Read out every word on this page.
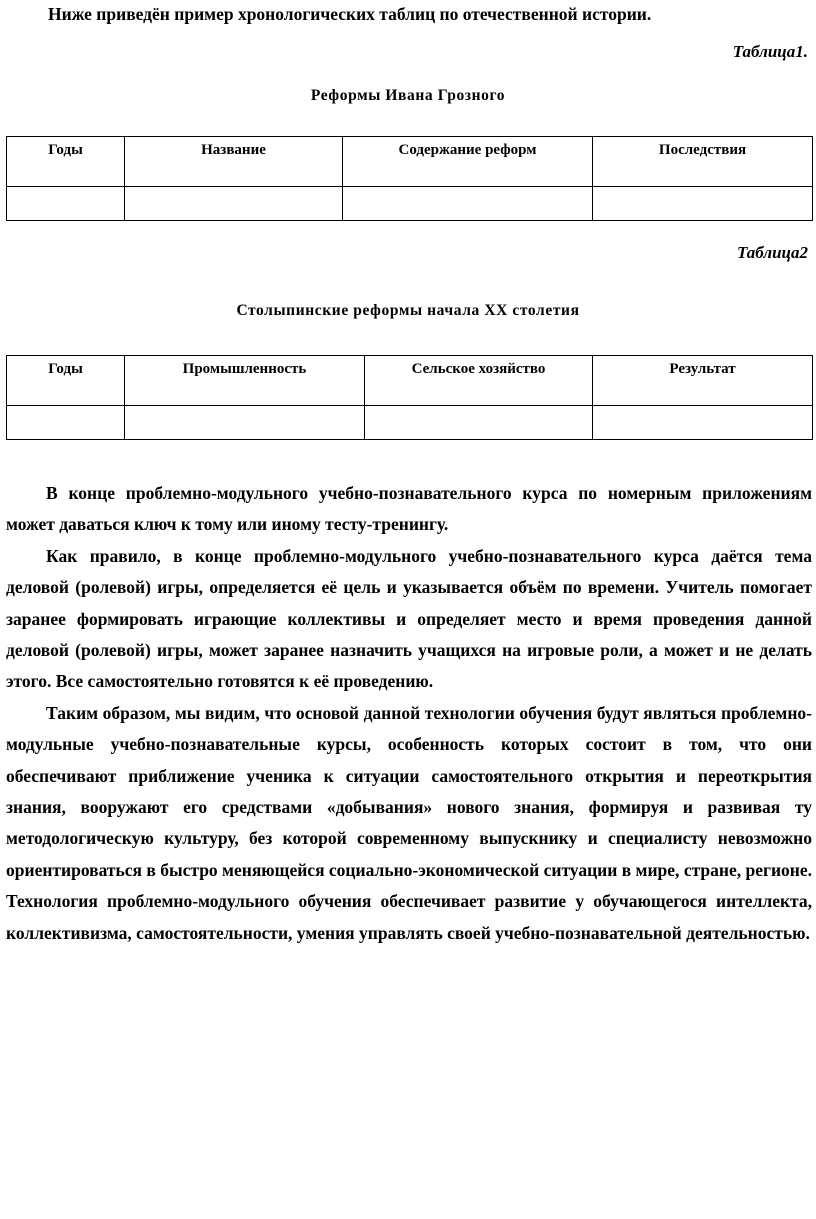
Ниже приведён пример хронологических таблиц по отечественной истории.
Таблица1.
Реформы Ивана Грозного
Годы	Название	Содержание реформ	Последствия

Таблица2
Столыпинские реформы начала XX столетия
Годы	Промышленность	Сельское хозяйство	Результат

В конце проблемно-модульного учебно-познавательного курса по номерным приложениям может даваться ключ к тому или иному тесту-тренингу.

Как правило, в конце проблемно-модульного учебно-познавательного курса даётся тема деловой (ролевой) игры, определяется её цель и указывается объём по времени. Учитель помогает заранее формировать играющие коллективы и определяет место и время проведения данной деловой (ролевой) игры, может заранее назначить учащихся на игровые роли, а может и не делать этого. Все самостоятельно готовятся к её проведению.

Таким образом, мы видим, что основой данной технологии обучения будут являться проблемно-модульные учебно-познавательные курсы, особенность которых состоит в том, что они обеспечивают приближение ученика к ситуации самостоятельного открытия и переоткрытия знания, вооружают его средствами «добывания» нового знания, формируя и развивая ту методологическую культуру, без которой современному выпускнику и специалисту невозможно ориентироваться в быстро меняющейся социально-экономической ситуации в мире, стране, регионе. Технология проблемно-модульного обучения обеспечивает развитие у обучающегося интеллекта, коллективизма, самостоятельности, умения управлять своей учебно-познавательной деятельностью.
